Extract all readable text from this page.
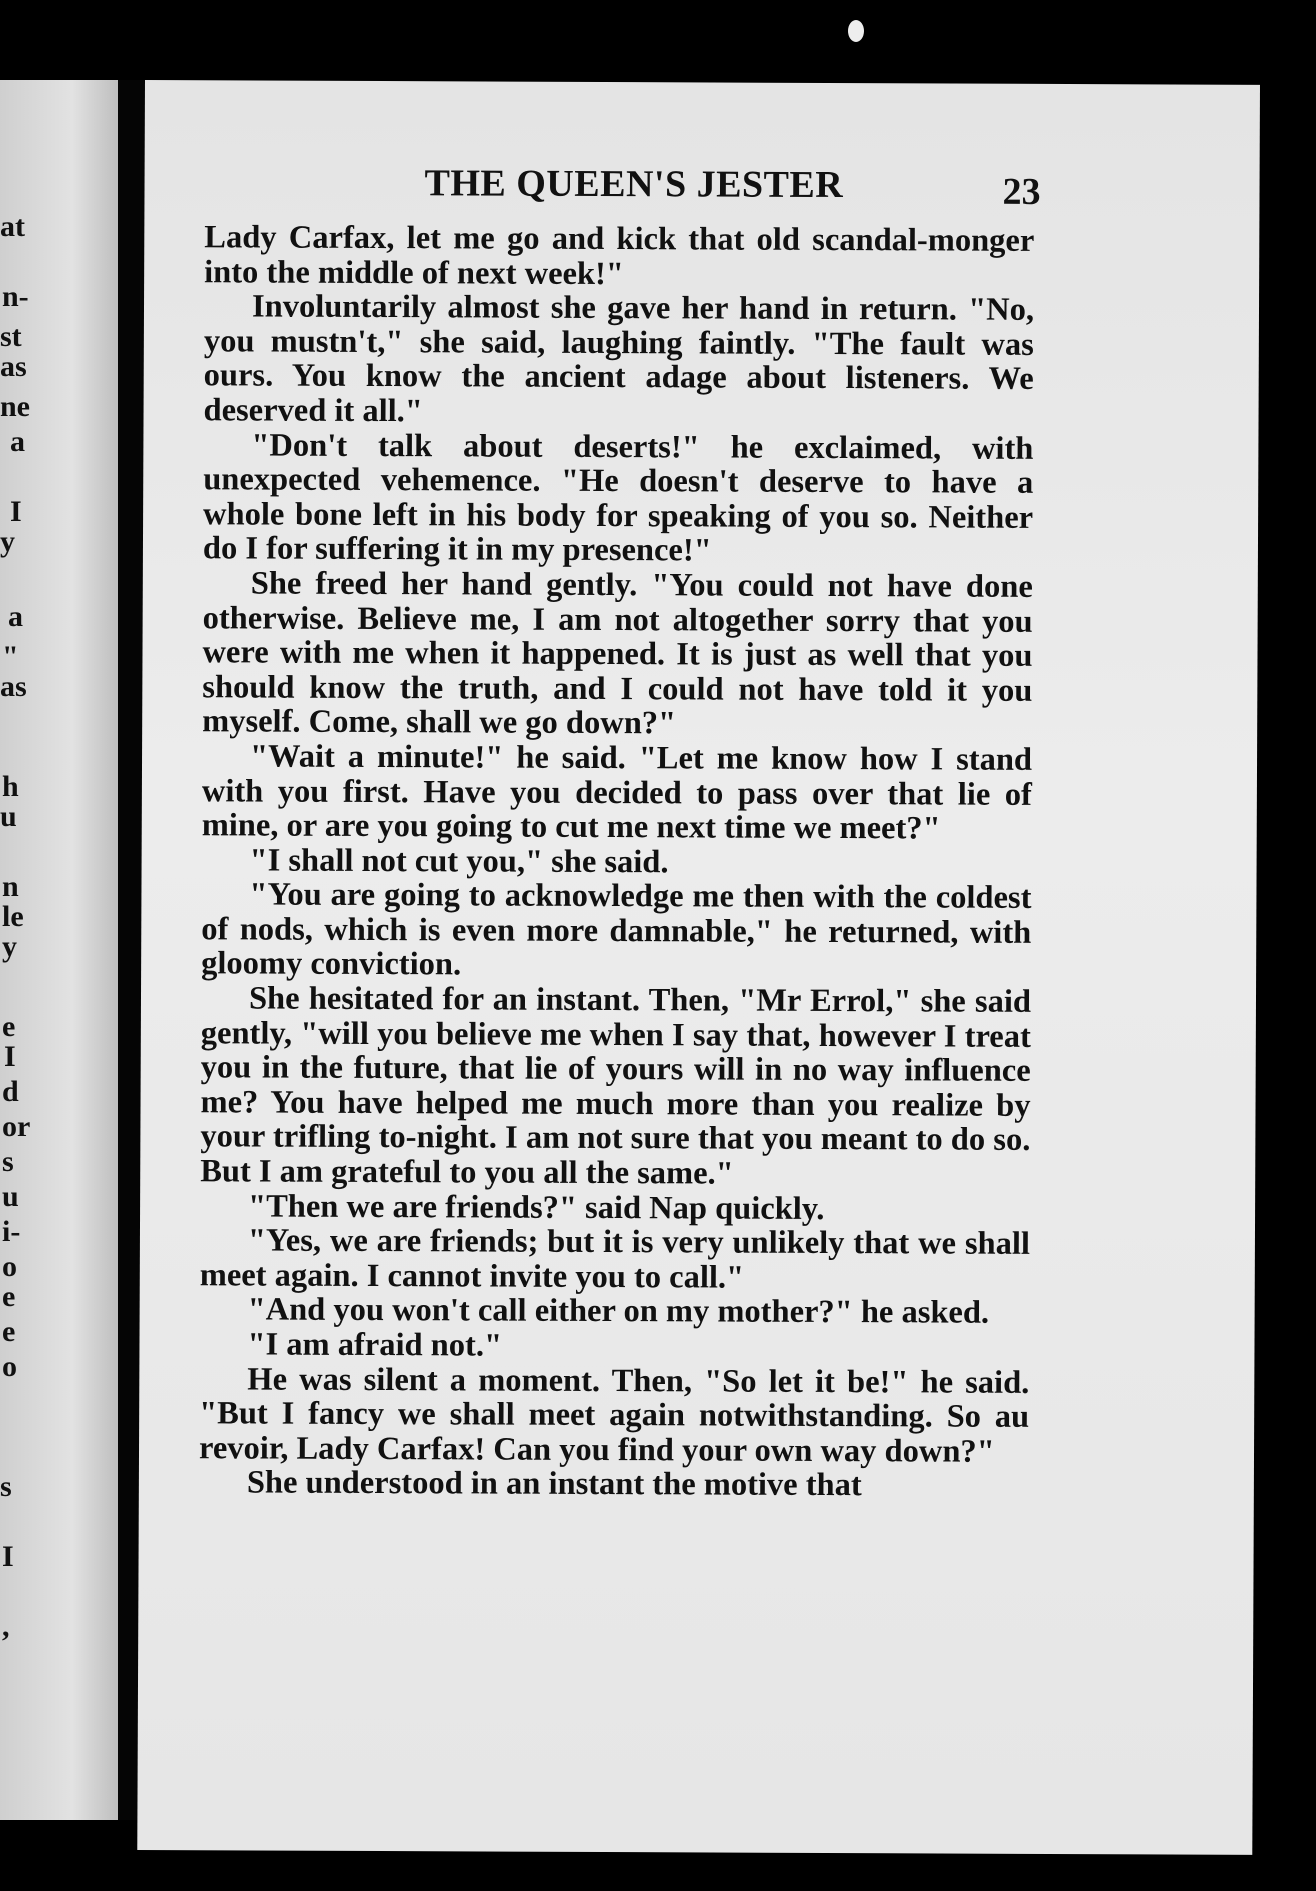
at
n-
st
as
ne
a
I
y
a
"
as
h
u
n
le
y
e
I
d
or
s
u
i-
o
e
e
o
s
I
,
THE QUEEN'S JESTER	23

Lady Carfax, let me go and kick that old scandal-monger into the middle of next week!"

Involuntarily almost she gave her hand in return. "No, you mustn't," she said, laughing faintly. "The fault was ours. You know the ancient adage about listeners. We deserved it all."

"Don't talk about deserts!" he exclaimed, with unexpected vehemence. "He doesn't deserve to have a whole bone left in his body for speaking of you so. Neither do I for suffering it in my presence!"

She freed her hand gently. "You could not have done otherwise. Believe me, I am not altogether sorry that you were with me when it happened. It is just as well that you should know the truth, and I could not have told it you myself. Come, shall we go down?"

"Wait a minute!" he said. "Let me know how I stand with you first. Have you decided to pass over that lie of mine, or are you going to cut me next time we meet?"

"I shall not cut you," she said.

"You are going to acknowledge me then with the coldest of nods, which is even more damnable," he returned, with gloomy conviction.

She hesitated for an instant. Then, "Mr Errol," she said gently, "will you believe me when I say that, however I treat you in the future, that lie of yours will in no way influence me? You have helped me much more than you realize by your trifling to-night. I am not sure that you meant to do so. But I am grateful to you all the same."

"Then we are friends?" said Nap quickly.

"Yes, we are friends; but it is very unlikely that we shall meet again. I cannot invite you to call."

"And you won't call either on my mother?" he asked.

"I am afraid not."

He was silent a moment. Then, "So let it be!" he said. "But I fancy we shall meet again notwithstanding. So au revoir, Lady Carfax! Can you find your own way down?"

She understood in an instant the motive that
